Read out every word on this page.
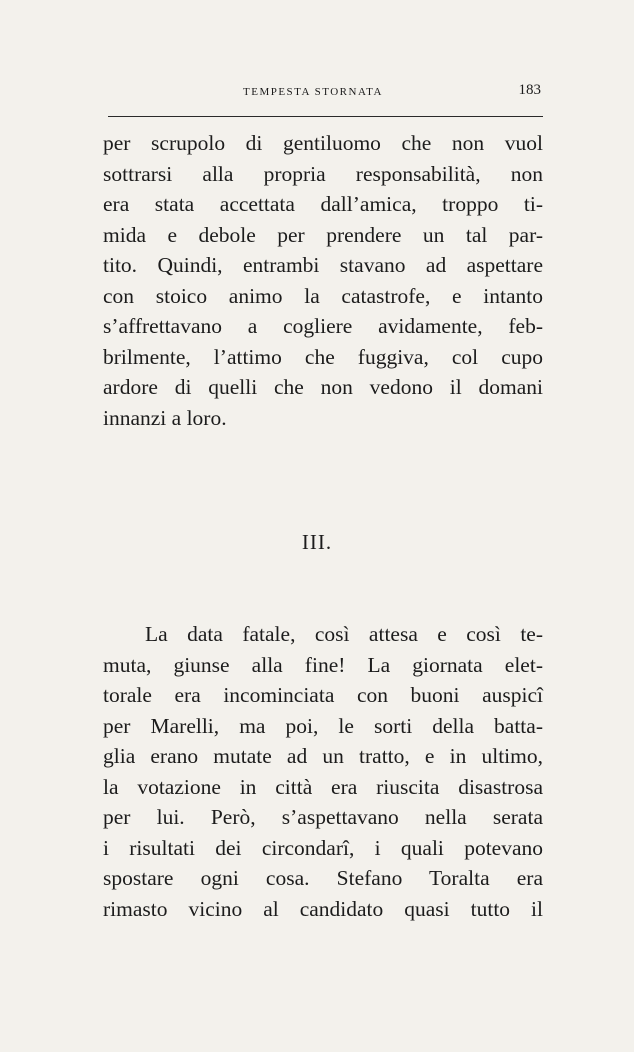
TEMPESTA STORNATA	183
per scrupolo di gentiluomo che non vuol
sottrarsi alla propria responsabilità, non
era stata accettata dall’amica, troppo ti-
mida e debole per prendere un tal par-
tito. Quindi, entrambi stavano ad aspettare
con stoico animo la catastrofe, e intanto
s’affrettavano a cogliere avidamente, feb-
brilmente, l’attimo che fuggiva, col cupo
ardore di quelli che non vedono il domani
innanzi a loro.
III.
La data fatale, così attesa e così te-
muta, giunse alla fine! La giornata elet-
torale era incominciata con buoni auspicî
per Marelli, ma poi, le sorti della batta-
glia erano mutate ad un tratto, e in ultimo,
la votazione in città era riuscita disastrosa
per lui. Però, s’aspettavano nella serata
i risultati dei circondarî, i quali potevano
spostare ogni cosa. Stefano Toralta era
rimasto vicino al candidato quasi tutto il
